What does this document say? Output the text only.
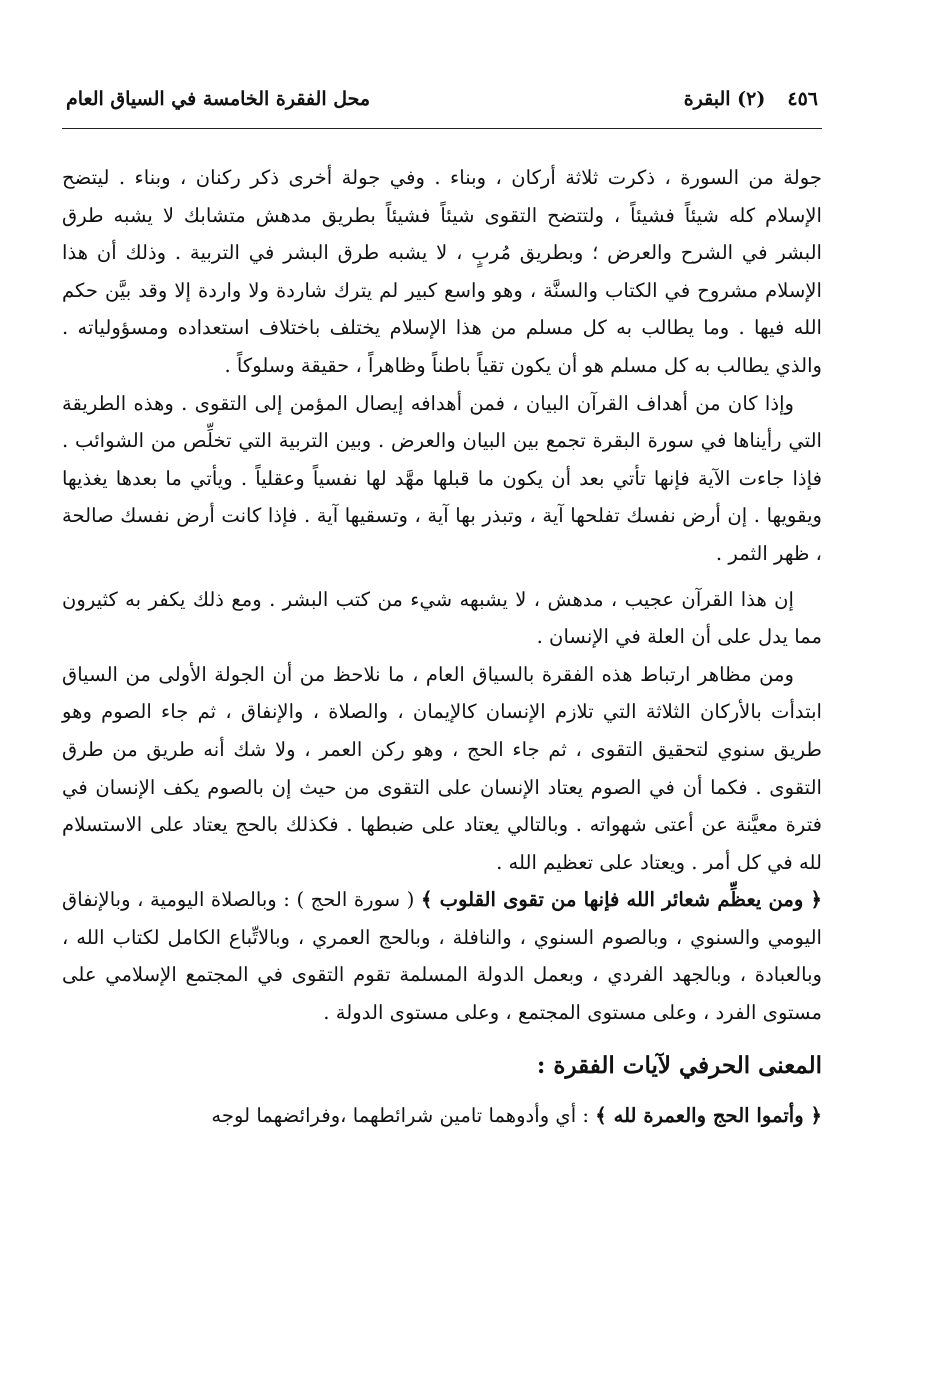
٤٥٦
(٢) البقرة
محل الفقرة الخامسة في السياق العام

جولة من السورة ، ذكرت ثلاثة أركان ، وبناء . وفي جولة أخرى ذكر ركنان ، وبناء . ليتضح الإسلام كله شيئاً فشيئاً ، ولتتضح التقوى شيئاً فشيئاً بطريق مدهش متشابك لا يشبه طرق البشر في الشرح والعرض ؛ وبطريق مُربٍ ، لا يشبه طرق البشر في التربية . وذلك أن هذا الإسلام مشروح في الكتاب والسنَّة ، وهو واسع كبير لم يترك شاردة ولا واردة إلا وقد بيَّن حكم الله فيها . وما يطالب به كل مسلم من هذا الإسلام يختلف باختلاف استعداده ومسؤولياته . والذي يطالب به كل مسلم هو أن يكون تقياً باطناً وظاهراً ، حقيقة وسلوكاً .

وإذا كان من أهداف القرآن البيان ، فمن أهدافه إيصال المؤمن إلى التقوى . وهذه الطريقة التي رأيناها في سورة البقرة تجمع بين البيان والعرض . وبين التربية التي تخلِّص من الشوائب . فإذا جاءت الآية فإنها تأتي بعد أن يكون ما قبلها مهَّد لها نفسياً وعقلياً . ويأتي ما بعدها يغذيها ويقويها . إن أرض نفسك تفلحها آية ، وتبذر بها آية ، وتسقيها آية . فإذا كانت أرض نفسك صالحة ، ظهر الثمر .

إن هذا القرآن عجيب ، مدهش ، لا يشبهه شيء من كتب البشر . ومع ذلك يكفر به كثيرون مما يدل على أن العلة في الإنسان .

ومن مظاهر ارتباط هذه الفقرة بالسياق العام ، ما نلاحظ من أن الجولة الأولى من السياق ابتدأت بالأركان الثلاثة التي تلازم الإنسان كالإيمان ، والصلاة ، والإنفاق ، ثم جاء الصوم وهو طريق سنوي لتحقيق التقوى ، ثم جاء الحج ، وهو ركن العمر ، ولا شك أنه طريق من طرق التقوى . فكما أن في الصوم يعتاد الإنسان على التقوى من حيث إن بالصوم يكف الإنسان في فترة معيَّنة عن أعتى شهواته . وبالتالي يعتاد على ضبطها . فكذلك بالحج يعتاد على الاستسلام لله في كل أمر . ويعتاد على تعظيم الله .

﴿ ومن يعظِّم شعائر الله فإنها من تقوى القلوب ﴾ ( سورة الحج ) : وبالصلاة اليومية ، وبالإنفاق اليومي والسنوي ، وبالصوم السنوي ، والنافلة ، وبالحج العمري ، وبالاتِّباع الكامل لكتاب الله ، وبالعبادة ، وبالجهد الفردي ، وبعمل الدولة المسلمة تقوم التقوى في المجتمع الإسلامي على مستوى الفرد ، وعلى مستوى المجتمع ، وعلى مستوى الدولة .

المعنى الحرفي لآيات الفقرة :
﴿ وأتموا الحج والعمرة لله ﴾ : أي وأدوهما تامين شرائطهما ،وفرائضهما لوجه
